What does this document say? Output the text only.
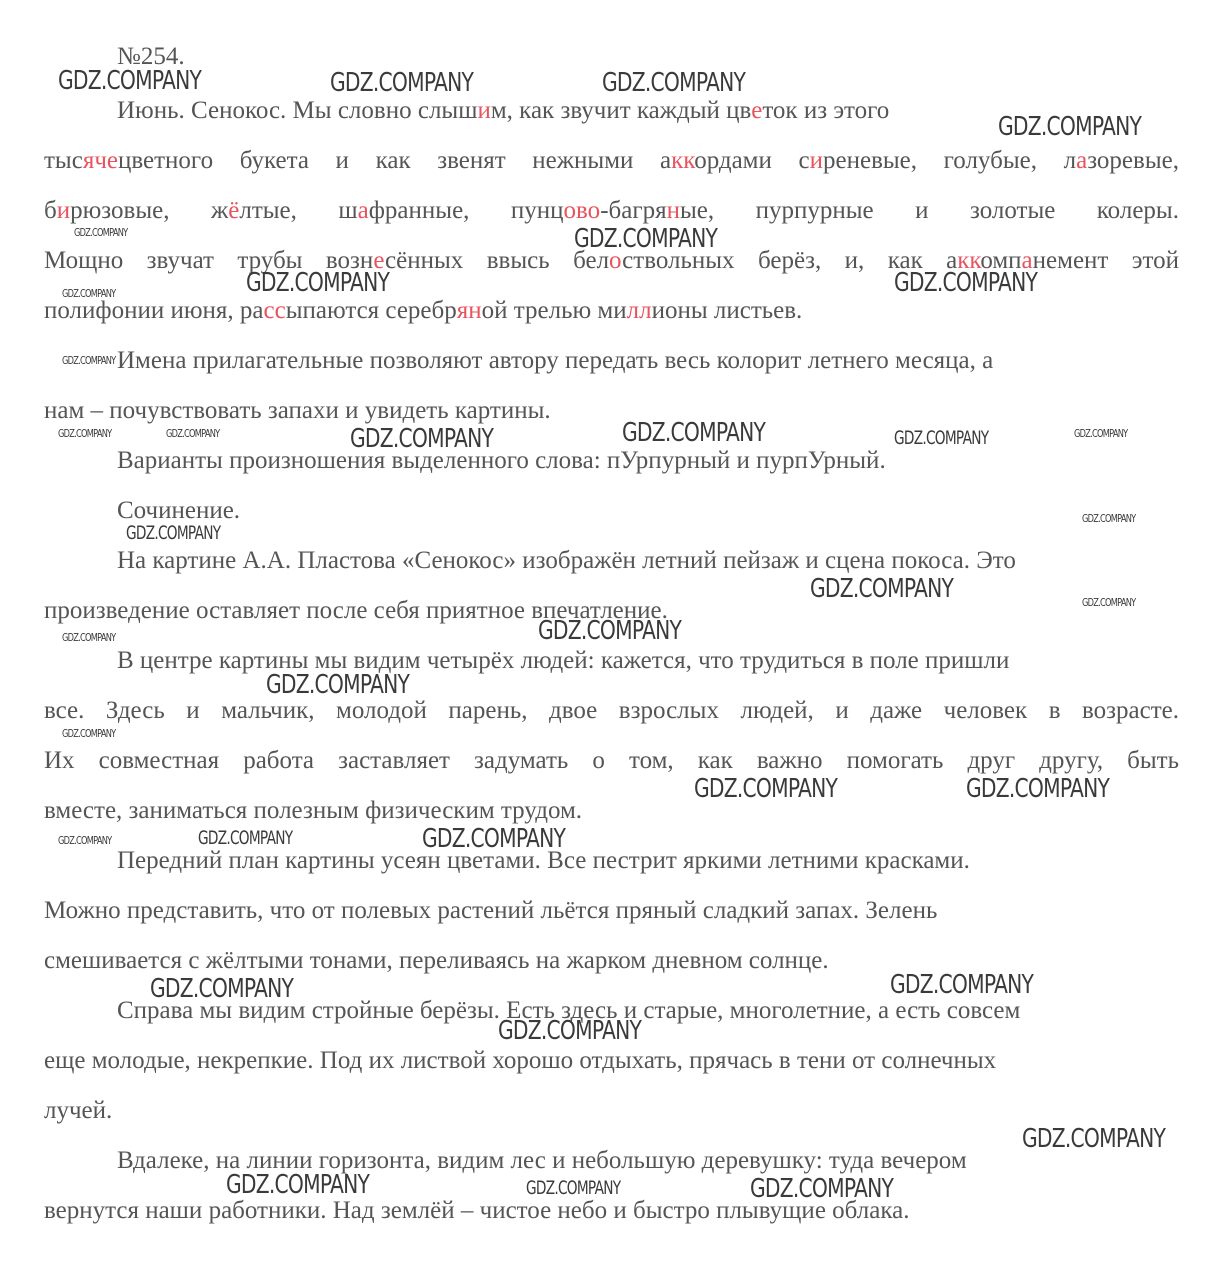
№254.
Июнь. Сенокос. Мы словно слышим, как звучит каждый цветок из этого
тысячецветного букета и как звенят нежными аккордами сиреневые, голубые, лазоревые,
бирюзовые, жёлтые, шафранные, пунцово-багряные, пурпурные и золотые колеры.
Мощно звучат трубы вознесённых ввысь белоствольных берёз, и, как аккомпанемент этой
полифонии июня, рассыпаются серебряной трелью миллионы листьев.
Имена прилагательные позволяют автору передать весь колорит летнего месяца, а
нам – почувствовать запахи и увидеть картины.
Варианты произношения выделенного слова: пУрпурный и пурпУрный.
Сочинение.
На картине А.А. Пластова «Сенокос» изображён летний пейзаж и сцена покоса. Это
произведение оставляет после себя приятное впечатление.
В центре картины мы видим четырёх людей: кажется, что трудиться в поле пришли
все. Здесь и мальчик, молодой парень, двое взрослых людей, и даже человек в возрасте.
Их совместная работа заставляет задумать о том, как важно помогать друг другу, быть
вместе, заниматься полезным физическим трудом.
Передний план картины усеян цветами. Все пестрит яркими летними красками.
Можно представить, что от полевых растений льётся пряный сладкий запах. Зелень
смешивается с жёлтыми тонами, переливаясь на жарком дневном солнце.
Справа мы видим стройные берёзы. Есть здесь и старые, многолетние, а есть совсем
еще молодые, некрепкие. Под их листвой хорошо отдыхать, прячась в тени от солнечных
лучей.
Вдалеке, на линии горизонта, видим лес и небольшую деревушку: туда вечером
вернутся наши работники. Над землёй – чистое небо и быстро плывущие облака.
GDZ.COMPANY	GDZ.COMPANY	GDZ.COMPANY
GDZ.COMPANY
GDZ.COMPANY	GDZ.COMPANY
GDZ.COMPANY	GDZ.COMPANY	GDZ.COMPANY
GDZ.COMPANY
GDZ.COMPANY	GDZ.COMPANY	GDZ.COMPANY	GDZ.COMPANY	GDZ.COMPANY	GDZ.COMPANY
GDZ.COMPANY
GDZ.COMPANY
GDZ.COMPANY	GDZ.COMPANY
GDZ.COMPANY	GDZ.COMPANY
GDZ.COMPANY
GDZ.COMPANY
GDZ.COMPANY	GDZ.COMPANY
GDZ.COMPANY	GDZ.COMPANY	GDZ.COMPANY
GDZ.COMPANY
GDZ.COMPANY
GDZ.COMPANY
GDZ.COMPANY
GDZ.COMPANY	GDZ.COMPANY	GDZ.COMPANY
